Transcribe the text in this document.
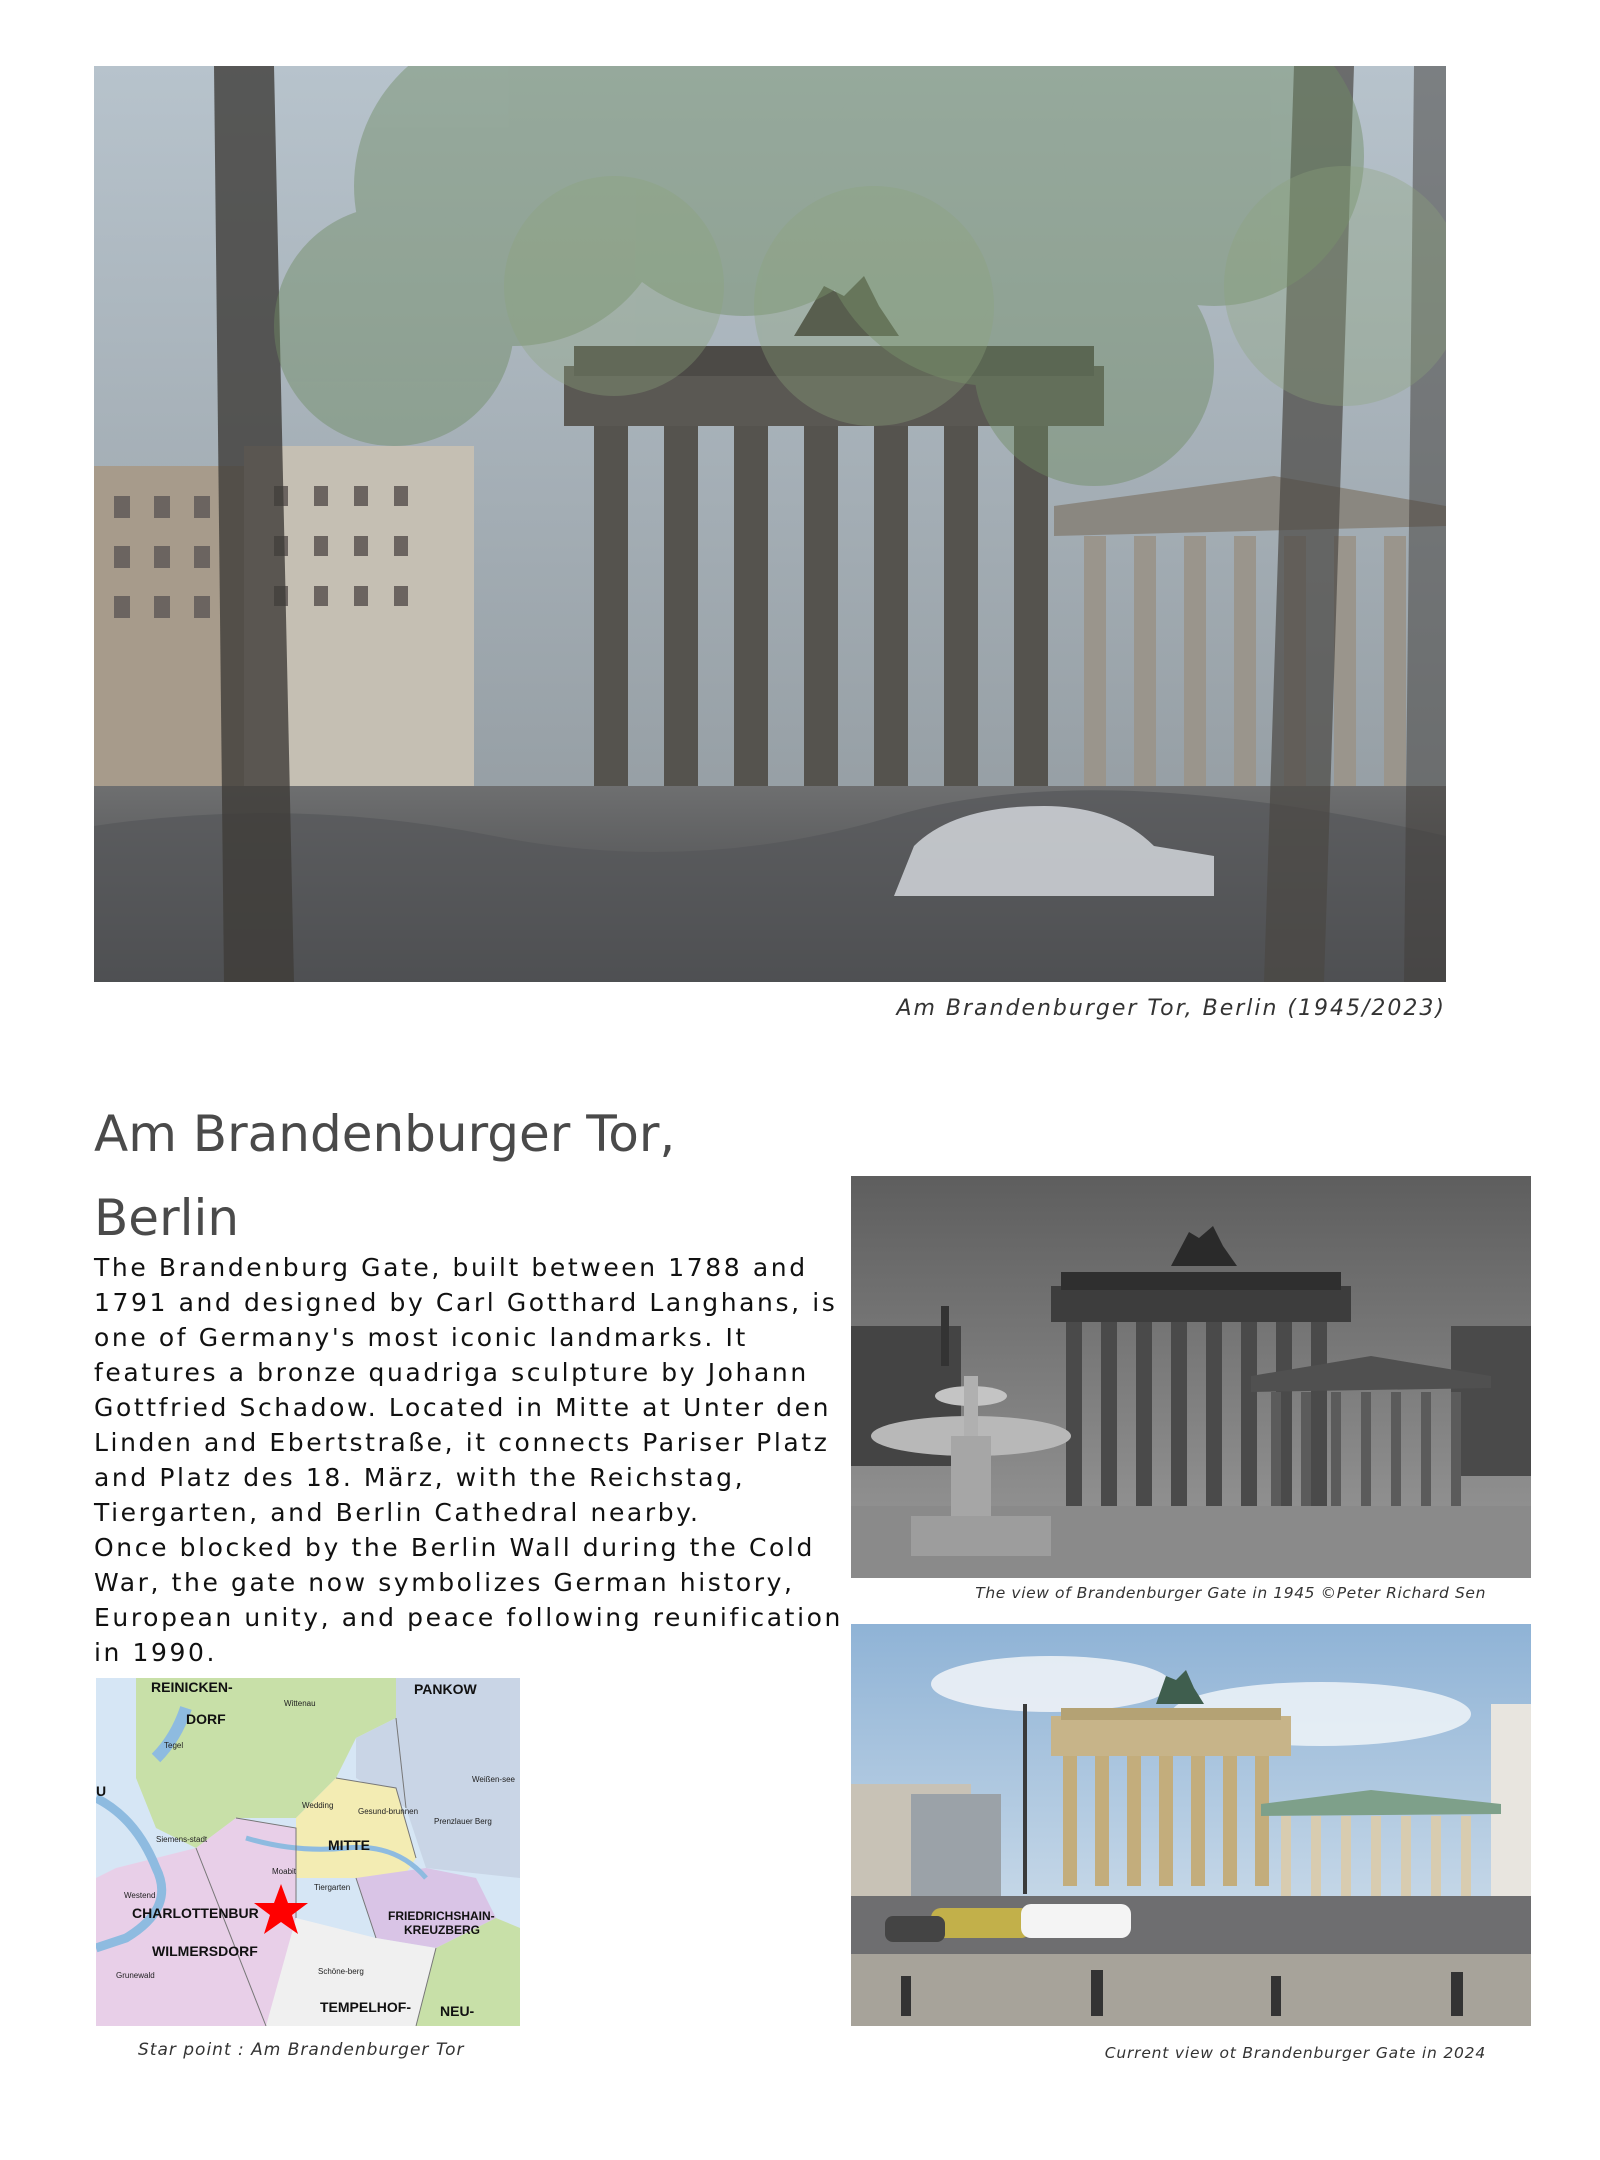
Am Brandenburger Tor, Berlin (1945/2023)
Am Brandenburger Tor,
Berlin

The Brandenburg Gate, built between 1788 and 1791 and designed by Carl Gotthard Langhans, is one of Germany's most iconic landmarks. It features a bronze quadriga sculpture by Johann Gottfried Schadow. Located in Mitte at Unter den Linden and Ebertstraße, it connects Pariser Platz and Platz des 18. März, with the Reichstag, Tiergarten, and Berlin Cathedral nearby.

Once blocked by the Berlin Wall during the Cold War, the gate now symbolizes German history, European unity, and peace following reunification in 1990.

REINICKEN-
DORF
PANKOW
MITTE
CHARLOTTENBUR
WILMERSDORF
FRIEDRICHSHAIN-
KREUZBERG
TEMPELHOF- NEU-
U
Wittenau
Tegel
Wedding
Moabit
Tiergarten
Westend
Grunewald	Schöne-berg
Prenzlauer Berg
Weißen-see
Siemens-stadt
Gesund-brunnen
Star point : Am Brandenburger Tor
The view of Brandenburger Gate in 1945 ©Peter Richard Sen
Current view ot Brandenburger Gate in 2024
